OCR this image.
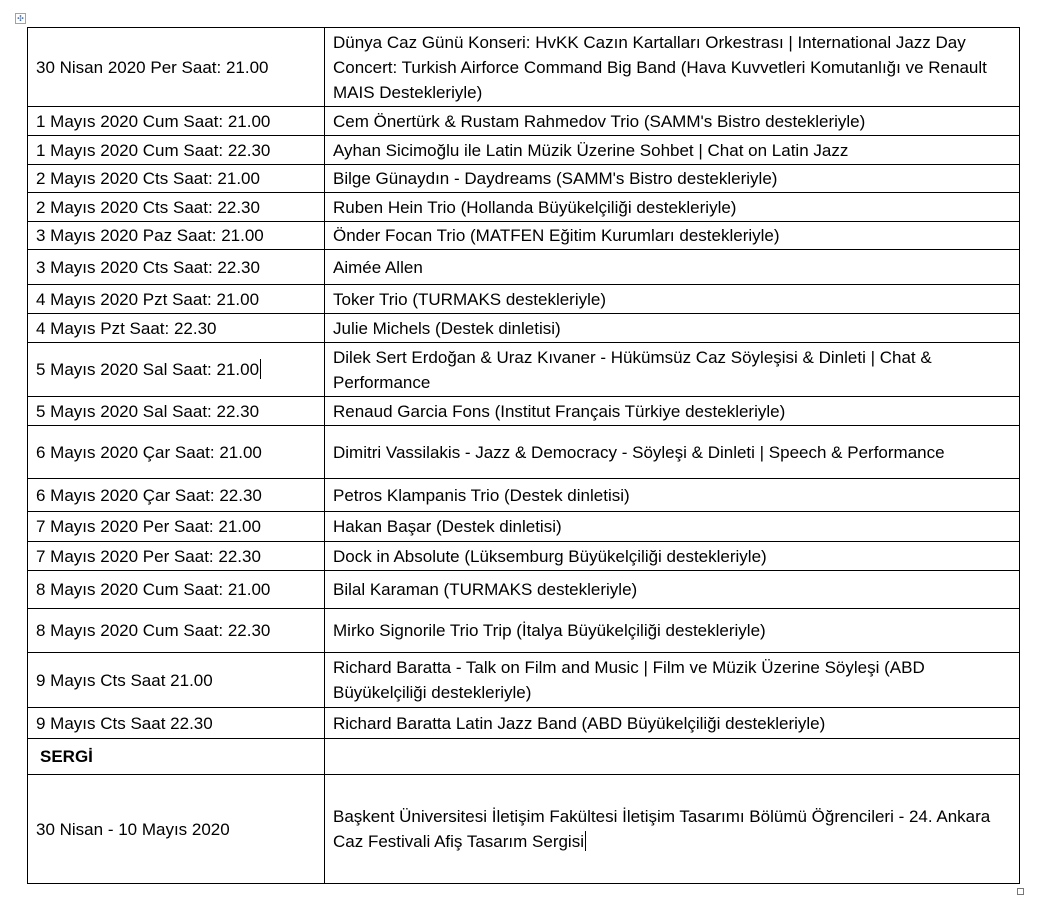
✣
30 Nisan 2020 Per Saat: 21.00	Dünya Caz Günü Konseri: HvKK Cazın Kartalları Orkestrası | International Jazz Day Concert: Turkish Airforce Command Big Band (Hava Kuvvetleri Komutanlığı ve Renault MAIS Destekleriyle)
1 Mayıs 2020 Cum Saat: 21.00	Cem Önertürk & Rustam Rahmedov Trio (SAMM's Bistro destekleriyle)
1 Mayıs 2020 Cum Saat: 22.30	Ayhan Sicimoğlu ile Latin Müzik Üzerine Sohbet | Chat on Latin Jazz
2 Mayıs 2020 Cts Saat: 21.00	Bilge Günaydın - Daydreams (SAMM's Bistro destekleriyle)
2 Mayıs 2020 Cts Saat: 22.30	Ruben Hein Trio (Hollanda Büyükelçiliği destekleriyle)
3 Mayıs 2020 Paz Saat: 21.00	Önder Focan Trio (MATFEN Eğitim Kurumları destekleriyle)
3 Mayıs 2020 Cts Saat: 22.30	Aimée Allen
4 Mayıs 2020 Pzt Saat: 21.00	Toker Trio (TURMAKS destekleriyle)
4 Mayıs Pzt Saat: 22.30	Julie Michels (Destek dinletisi)
5 Mayıs 2020 Sal Saat: 21.00	Dilek Sert Erdoğan & Uraz Kıvaner - Hükümsüz Caz Söyleşisi & Dinleti | Chat & Performance
5 Mayıs 2020 Sal Saat: 22.30	Renaud Garcia Fons (Institut Français Türkiye destekleriyle)
6 Mayıs 2020 Çar Saat: 21.00	Dimitri Vassilakis - Jazz & Democracy - Söyleşi & Dinleti | Speech & Performance
6 Mayıs 2020 Çar Saat: 22.30	Petros Klampanis Trio (Destek dinletisi)
7 Mayıs 2020 Per Saat: 21.00	Hakan Başar (Destek dinletisi)
7 Mayıs 2020 Per Saat: 22.30	Dock in Absolute (Lüksemburg Büyükelçiliği destekleriyle)
8 Mayıs 2020 Cum Saat: 21.00	Bilal Karaman (TURMAKS destekleriyle)
8 Mayıs 2020 Cum Saat: 22.30	Mirko Signorile Trio Trip (İtalya Büyükelçiliği destekleriyle)
9 Mayıs Cts Saat 21.00	Richard Baratta - Talk on Film and Music | Film ve Müzik Üzerine Söyleşi (ABD Büyükelçiliği destekleriyle)
9 Mayıs Cts Saat 22.30	Richard Baratta Latin Jazz Band (ABD Büyükelçiliği destekleriyle)
SERGİ	
30 Nisan - 10 Mayıs 2020	Başkent Üniversitesi İletişim Fakültesi İletişim Tasarımı Bölümü Öğrencileri - 24. Ankara Caz Festivali Afiş Tasarım Sergisi
